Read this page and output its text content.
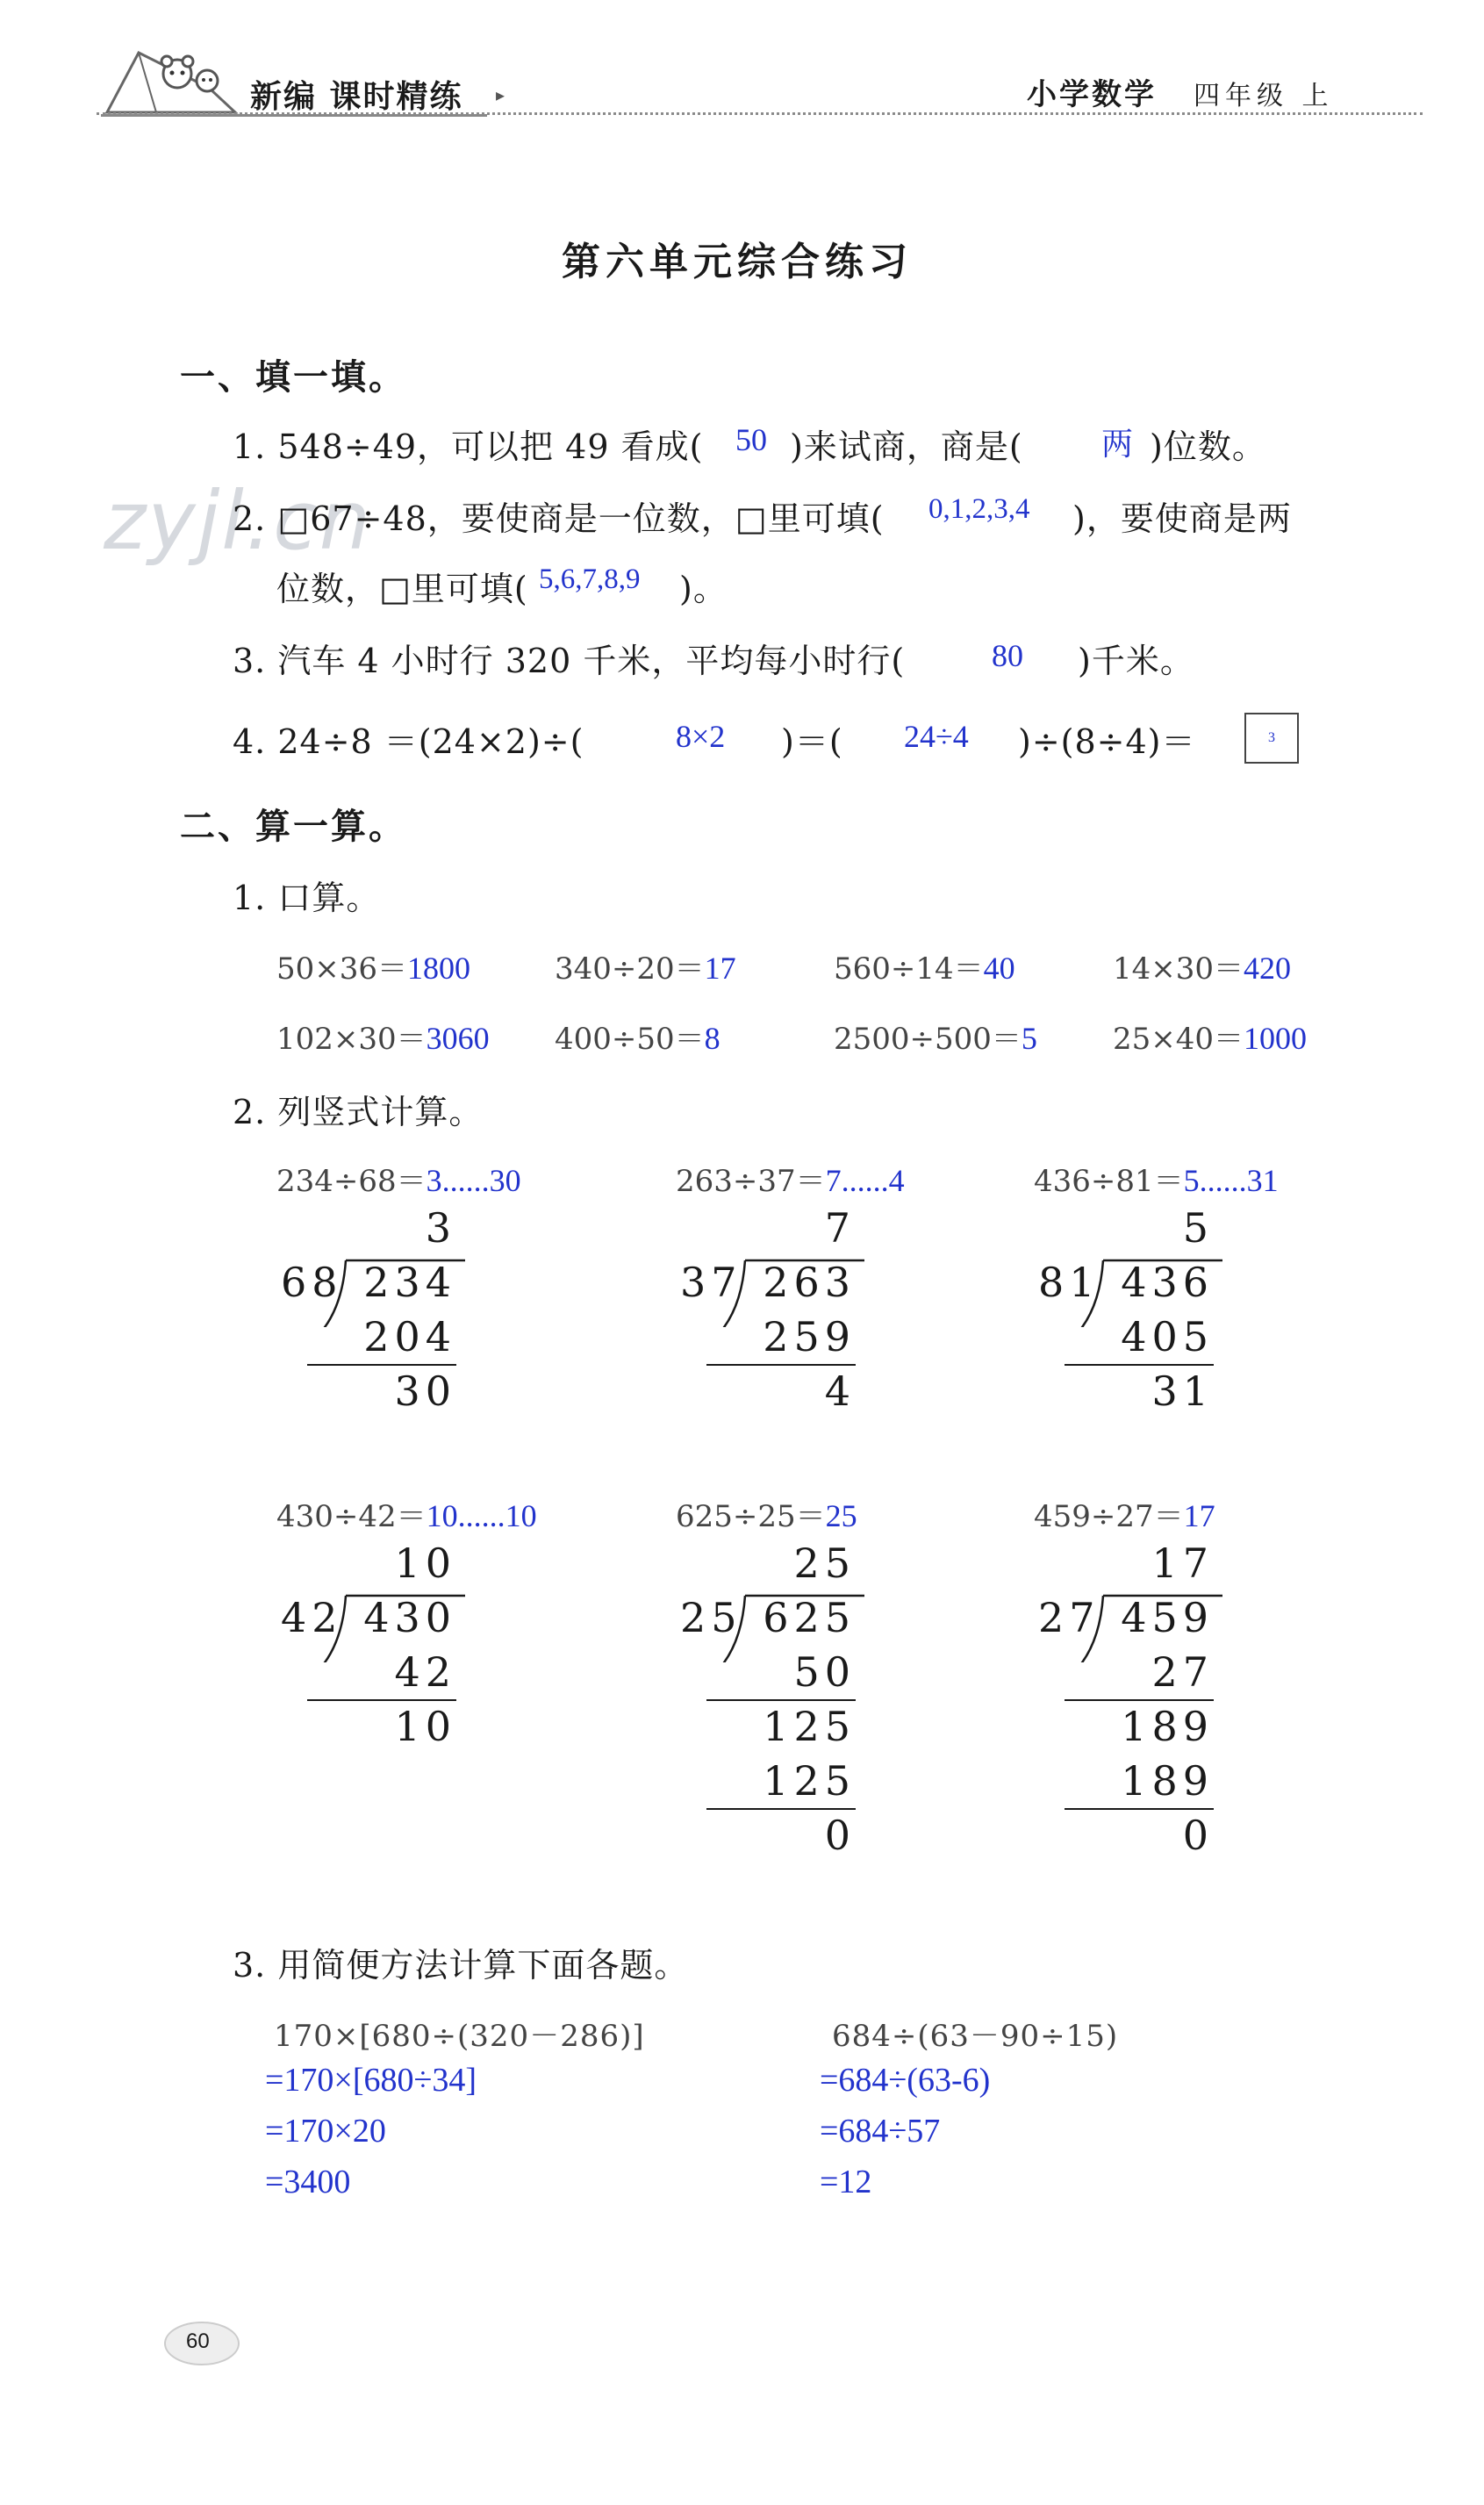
新编 课时精练 ▸	小学数学 四年级 上
第六单元综合练习
一、填一填。
zyjl.cn
1. 548÷49，可以把 49 看成( 50 )来试商，商是( 两 )位数。
2. □67÷48，要使商是一位数，□里可填( 0,1,2,3,4 )，要使商是两
位数，□里可填( 5,6,7,8,9 )。
3. 汽车 4 小时行 320 千米，平均每小时行(	80 )千米。
4. 24÷8 ＝(24×2)÷(	8×2 )＝( 24÷4 )÷(8÷4)＝	3
二、算一算。
1. 口算。
50×36＝1800	340÷20＝17	560÷14＝40	14×30＝420
102×30＝3060 400÷50＝8	2500÷500＝5	25×40＝1000
2. 列竖式计算。
234÷68＝3......30	263÷37＝7......4	436÷81＝5......31
430÷42＝10......10	625÷25＝25	459÷27＝17
3
68 234
204
30
7
37 263
259
4
5
81 436
405
31
10
42 430
42
10
25
25 625
50
125
125
0
17
27 459
27
189
189
0
3. 用简便方法计算下面各题。
170×[680÷(320－286)]
=170×[680÷34]
=170×20
=3400
684÷(63－90÷15)
=684÷(63-6)
=684÷57
=12
60
